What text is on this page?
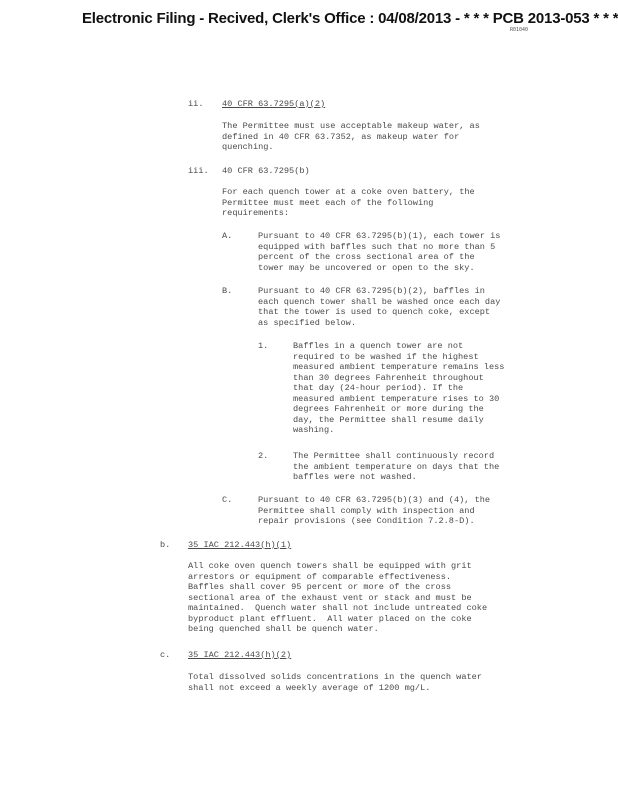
Electronic Filing - Recived, Clerk's Office : 04/08/2013 - * * * PCB 2013-053 * * *
R01040
ii. 40 CFR 63.7295(a)(2)
The Permittee must use acceptable makeup water, as
defined in 40 CFR 63.7352, as makeup water for
quenching.
iii. 40 CFR 63.7295(b)
For each quench tower at a coke oven battery, the
Permittee must meet each of the following
requirements:
A.	Pursuant to 40 CFR 63.7295(b)(1), each tower is
equipped with baffles such that no more than 5
percent of the cross sectional area of the
tower may be uncovered or open to the sky.
B.	Pursuant to 40 CFR 63.7295(b)(2), baffles in
each quench tower shall be washed once each day
that the tower is used to quench coke, except
as specified below.
1.	Baffles in a quench tower are not
required to be washed if the highest
measured ambient temperature remains less
than 30 degrees Fahrenheit throughout
that day (24-hour period). If the
measured ambient temperature rises to 30
degrees Fahrenheit or more during the
day, the Permittee shall resume daily
washing.
2.	The Permittee shall continuously record
the ambient temperature on days that the
baffles were not washed.
C.	Pursuant to 40 CFR 63.7295(b)(3) and (4), the
Permittee shall comply with inspection and
repair provisions (see Condition 7.2.8-D).
b. 35 IAC 212.443(h)(1)
All coke oven quench towers shall be equipped with grit
arrestors or equipment of comparable effectiveness.
Baffles shall cover 95 percent or more of the cross
sectional area of the exhaust vent or stack and must be
maintained.  Quench water shall not include untreated coke
byproduct plant effluent.  All water placed on the coke
being quenched shall be quench water.
c. 35 IAC 212.443(h)(2)
Total dissolved solids concentrations in the quench water
shall not exceed a weekly average of 1200 mg/L.
